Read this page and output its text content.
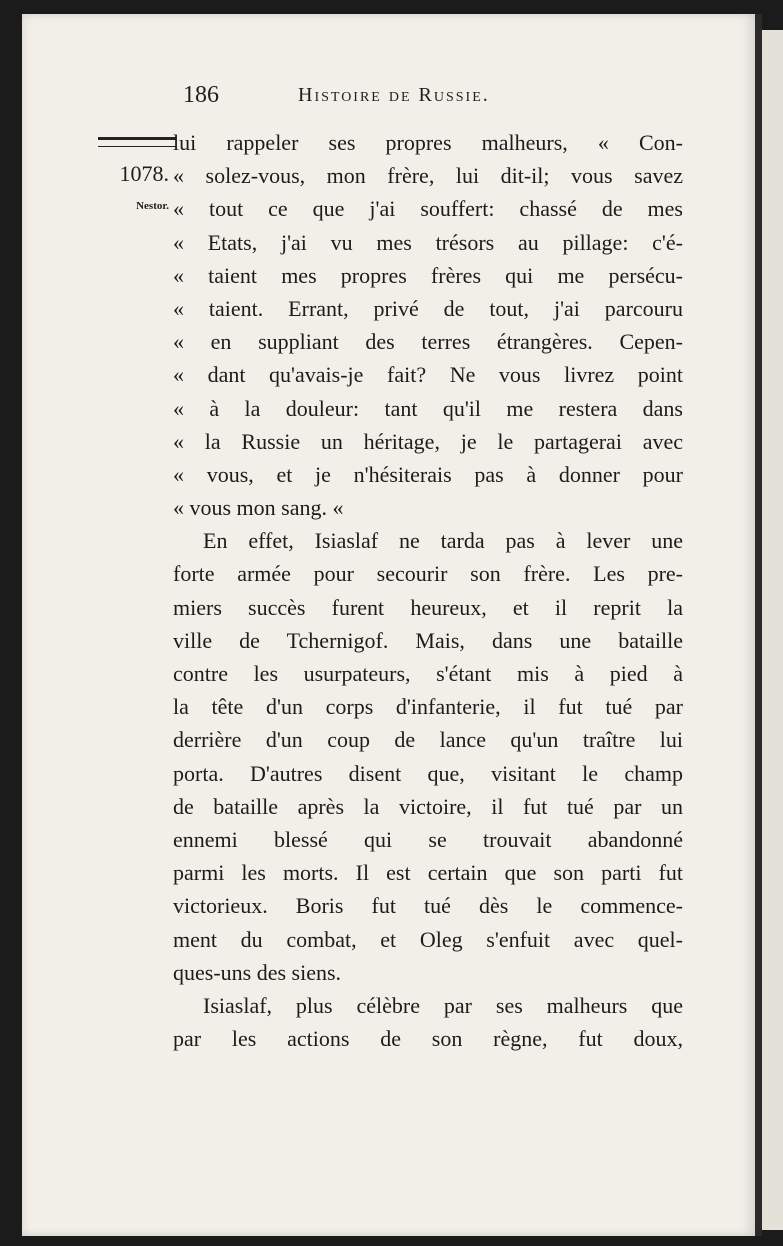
186	Histoire de Russie.
1078.
Nestor.
lui rappeler ses propres malheurs, « Con-
« solez-vous, mon frère, lui dit-il; vous savez
« tout ce que j'ai souffert: chassé de mes
« Etats, j'ai vu mes trésors au pillage: c'é-
« taient mes propres frères qui me persécu-
« taient. Errant, privé de tout, j'ai parcouru
« en suppliant des terres étrangères. Cepen-
« dant qu'avais-je fait? Ne vous livrez point
« à la douleur: tant qu'il me restera dans
« la Russie un héritage, je le partagerai avec
« vous, et je n'hésiterais pas à donner pour
« vous mon sang. «
En effet, Isiaslaf ne tarda pas à lever une
forte armée pour secourir son frère. Les pre-
miers succès furent heureux, et il reprit la
ville de Tchernigof. Mais, dans une bataille
contre les usurpateurs, s'étant mis à pied à
la tête d'un corps d'infanterie, il fut tué par
derrière d'un coup de lance qu'un traître lui
porta. D'autres disent que, visitant le champ
de bataille après la victoire, il fut tué par un
ennemi blessé qui se trouvait abandonné
parmi les morts. Il est certain que son parti fut
victorieux. Boris fut tué dès le commence-
ment du combat, et Oleg s'enfuit avec quel-
ques-uns des siens.
Isiaslaf, plus célèbre par ses malheurs que
par les actions de son règne, fut doux,
